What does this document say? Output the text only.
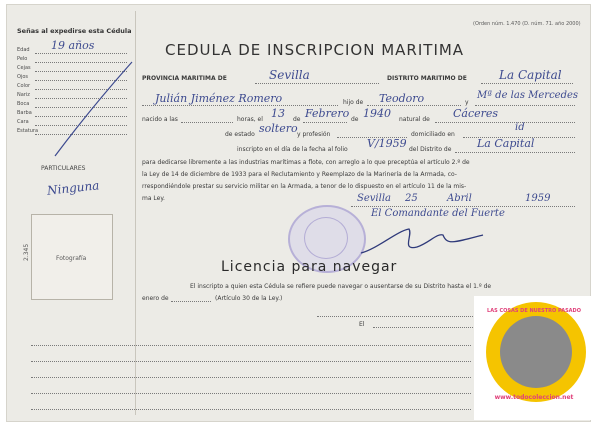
Señas al expedirse esta Cédula
Edad 19 años
Pelo
Cejas
Ojos
Color
Nariz
Boca
Barba
Cara
Estatura
PARTICULARES
Ninguna
Fotografía
2.345
(Orden núm. 1.470 (D. núm. 71. año 2000)
CEDULA DE INSCRIPCION MARITIMA
PROVINCIA MARITIMA DE	Sevilla	DISTRITO MARITIMO DE	La Capital
Julián Jiménez Romero	hijo de Teodoro	y
Mª de las Mercedes
nacido a las	horas, el 13 de Febrero de 1940 natural de Cáceres
de estado soltero y profesión	domiciliado en
id
inscripto en el día de la fecha al folio V/1959 del Distrito de La Capital
para dedicarse libremente a las industrias marítimas a flote, con arreglo a lo que preceptúa el artículo 2.º de
la Ley de 14 de diciembre de 1933 para el Reclutamiento y Reemplazo de la Marinería de la Armada, co-
rrespondiéndole prestar su servicio militar en la Armada, a tenor de lo dispuesto en el artículo 11 de la mis-
ma Ley.	Sevilla 25	Abril	1959
El Comandante del Fuerte
Licencia para navegar
El inscripto a quien esta Cédula se refiere puede navegar o ausentarse de su Distrito hasta el 1.º de
enero de	(Artículo 30 de la Ley.)
El
LAS COSAS DE NUESTRO PASADO
www.todocoleccion.net
